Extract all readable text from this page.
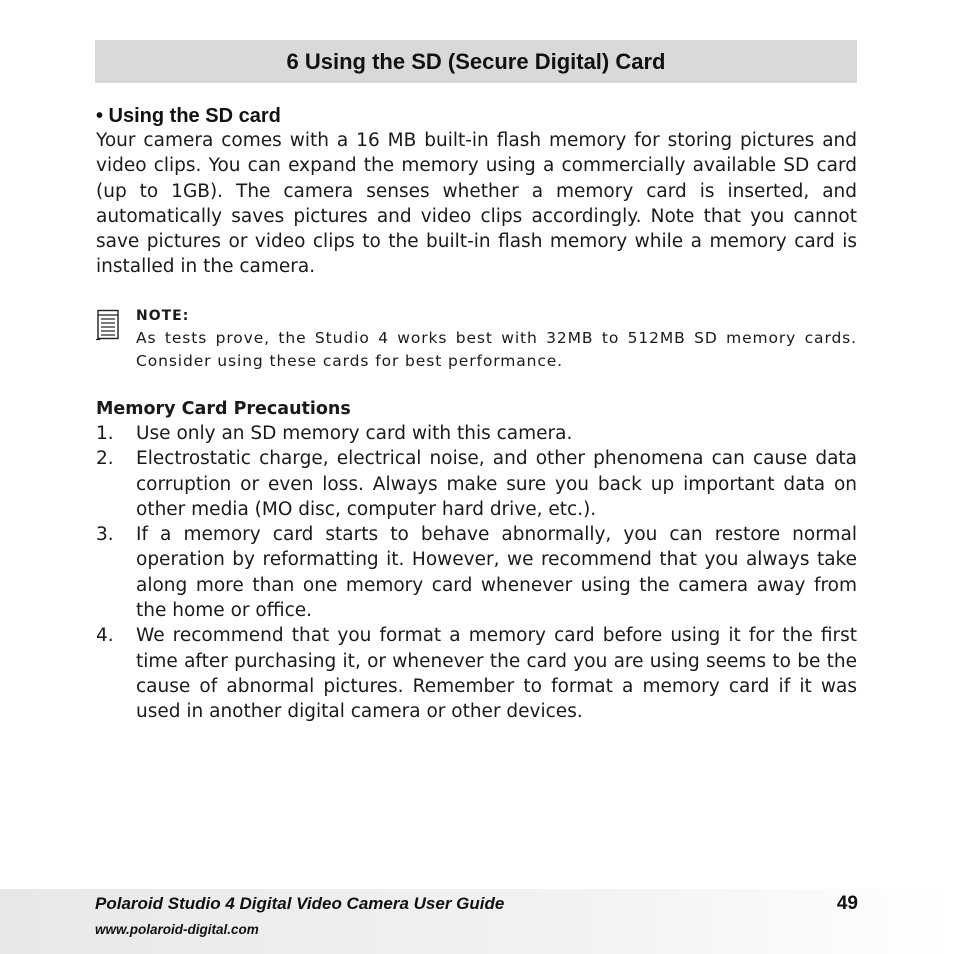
6 Using the SD (Secure Digital) Card
• Using the SD card
Your camera comes with a 16 MB built-in flash memory for storing pictures and video clips. You can expand the memory using a commercially available SD card (up to 1GB). The camera senses whether a memory card is inserted, and automatically saves pictures and video clips accordingly. Note that you cannot save pictures or video clips to the built-in flash memory while a memory card is installed in the camera.
NOTE:
As tests prove, the Studio 4 works best with 32MB to 512MB SD memory cards. Consider using these cards for best performance.
Memory Card Precautions
1. Use only an SD memory card with this camera.
2. Electrostatic charge, electrical noise, and other phenomena can cause data corruption or even loss. Always make sure you back up important data on other media (MO disc, computer hard drive, etc.).
3. If a memory card starts to behave abnormally, you can restore normal operation by reformatting it. However, we recommend that you always take along more than one memory card whenever using the camera away from the home or office.
4. We recommend that you format a memory card before using it for the first time after purchasing it, or whenever the card you are using seems to be the cause of abnormal pictures. Remember to format a memory card if it was used in another digital camera or other devices.
Polaroid Studio 4 Digital Video Camera User Guide	49
www.polaroid-digital.com
